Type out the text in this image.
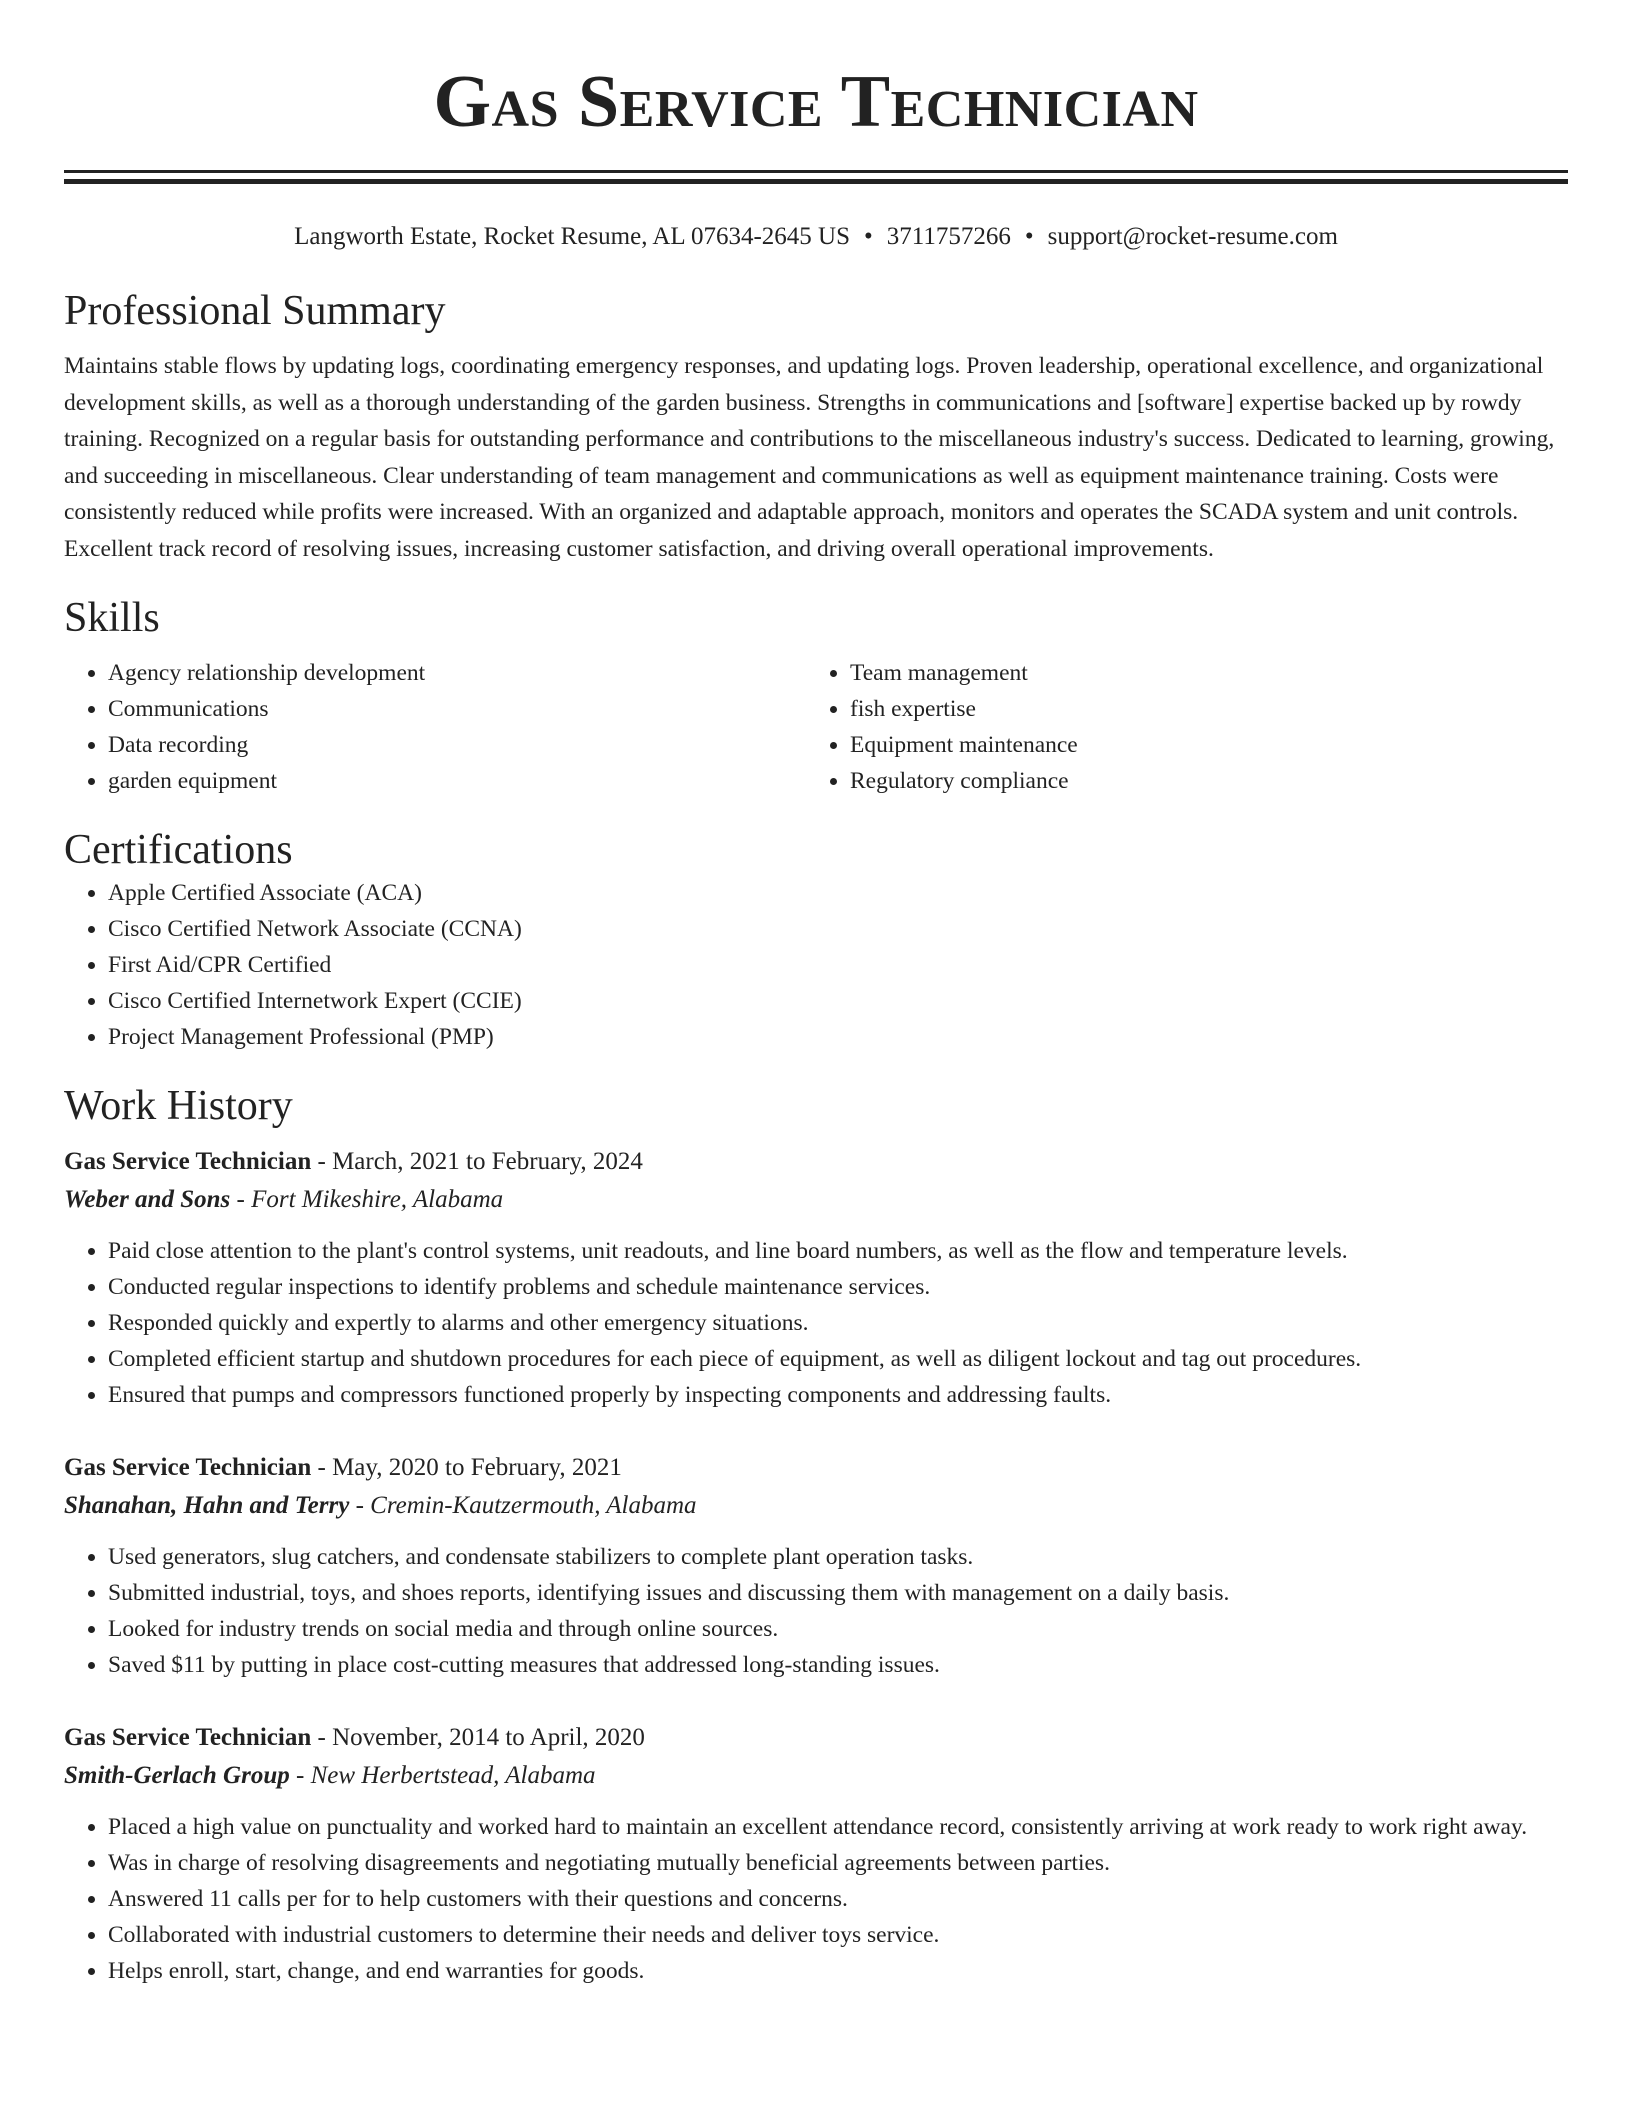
Gas Service Technician
Langworth Estate, Rocket Resume, AL 07634-2645 US • 3711757266 • support@rocket-resume.com
Professional Summary

Maintains stable flows by updating logs, coordinating emergency responses, and updating logs. Proven leadership, operational excellence, and organizational development skills, as well as a thorough understanding of the garden business. Strengths in communications and [software] expertise backed up by rowdy training. Recognized on a regular basis for outstanding performance and contributions to the miscellaneous industry's success. Dedicated to learning, growing, and succeeding in miscellaneous. Clear understanding of team management and communications as well as equipment maintenance training. Costs were consistently reduced while profits were increased. With an organized and adaptable approach, monitors and operates the SCADA system and unit controls. Excellent track record of resolving issues, increasing customer satisfaction, and driving overall operational improvements.

Skills
• Agency relationship development
• Communications
• Data recording
• garden equipment
• Team management
• fish expertise
• Equipment maintenance
• Regulatory compliance
Certifications
• Apple Certified Associate (ACA)
• Cisco Certified Network Associate (CCNA)
• First Aid/CPR Certified
• Cisco Certified Internetwork Expert (CCIE)
• Project Management Professional (PMP)
Work History
Gas Service Technician - March, 2021 to February, 2024
Weber and Sons - Fort Mikeshire, Alabama
• Paid close attention to the plant's control systems, unit readouts, and line board numbers, as well as the flow and temperature levels.
• Conducted regular inspections to identify problems and schedule maintenance services.
• Responded quickly and expertly to alarms and other emergency situations.
• Completed efficient startup and shutdown procedures for each piece of equipment, as well as diligent lockout and tag out procedures.
• Ensured that pumps and compressors functioned properly by inspecting components and addressing faults.
Gas Service Technician - May, 2020 to February, 2021
Shanahan, Hahn and Terry - Cremin-Kautzermouth, Alabama
• Used generators, slug catchers, and condensate stabilizers to complete plant operation tasks.
• Submitted industrial, toys, and shoes reports, identifying issues and discussing them with management on a daily basis.
• Looked for industry trends on social media and through online sources.
• Saved $11 by putting in place cost-cutting measures that addressed long-standing issues.
Gas Service Technician - November, 2014 to April, 2020
Smith-Gerlach Group - New Herbertstead, Alabama
• Placed a high value on punctuality and worked hard to maintain an excellent attendance record, consistently arriving at work ready to work right away.
• Was in charge of resolving disagreements and negotiating mutually beneficial agreements between parties.
• Answered 11 calls per for to help customers with their questions and concerns.
• Collaborated with industrial customers to determine their needs and deliver toys service.
• Helps enroll, start, change, and end warranties for goods.
